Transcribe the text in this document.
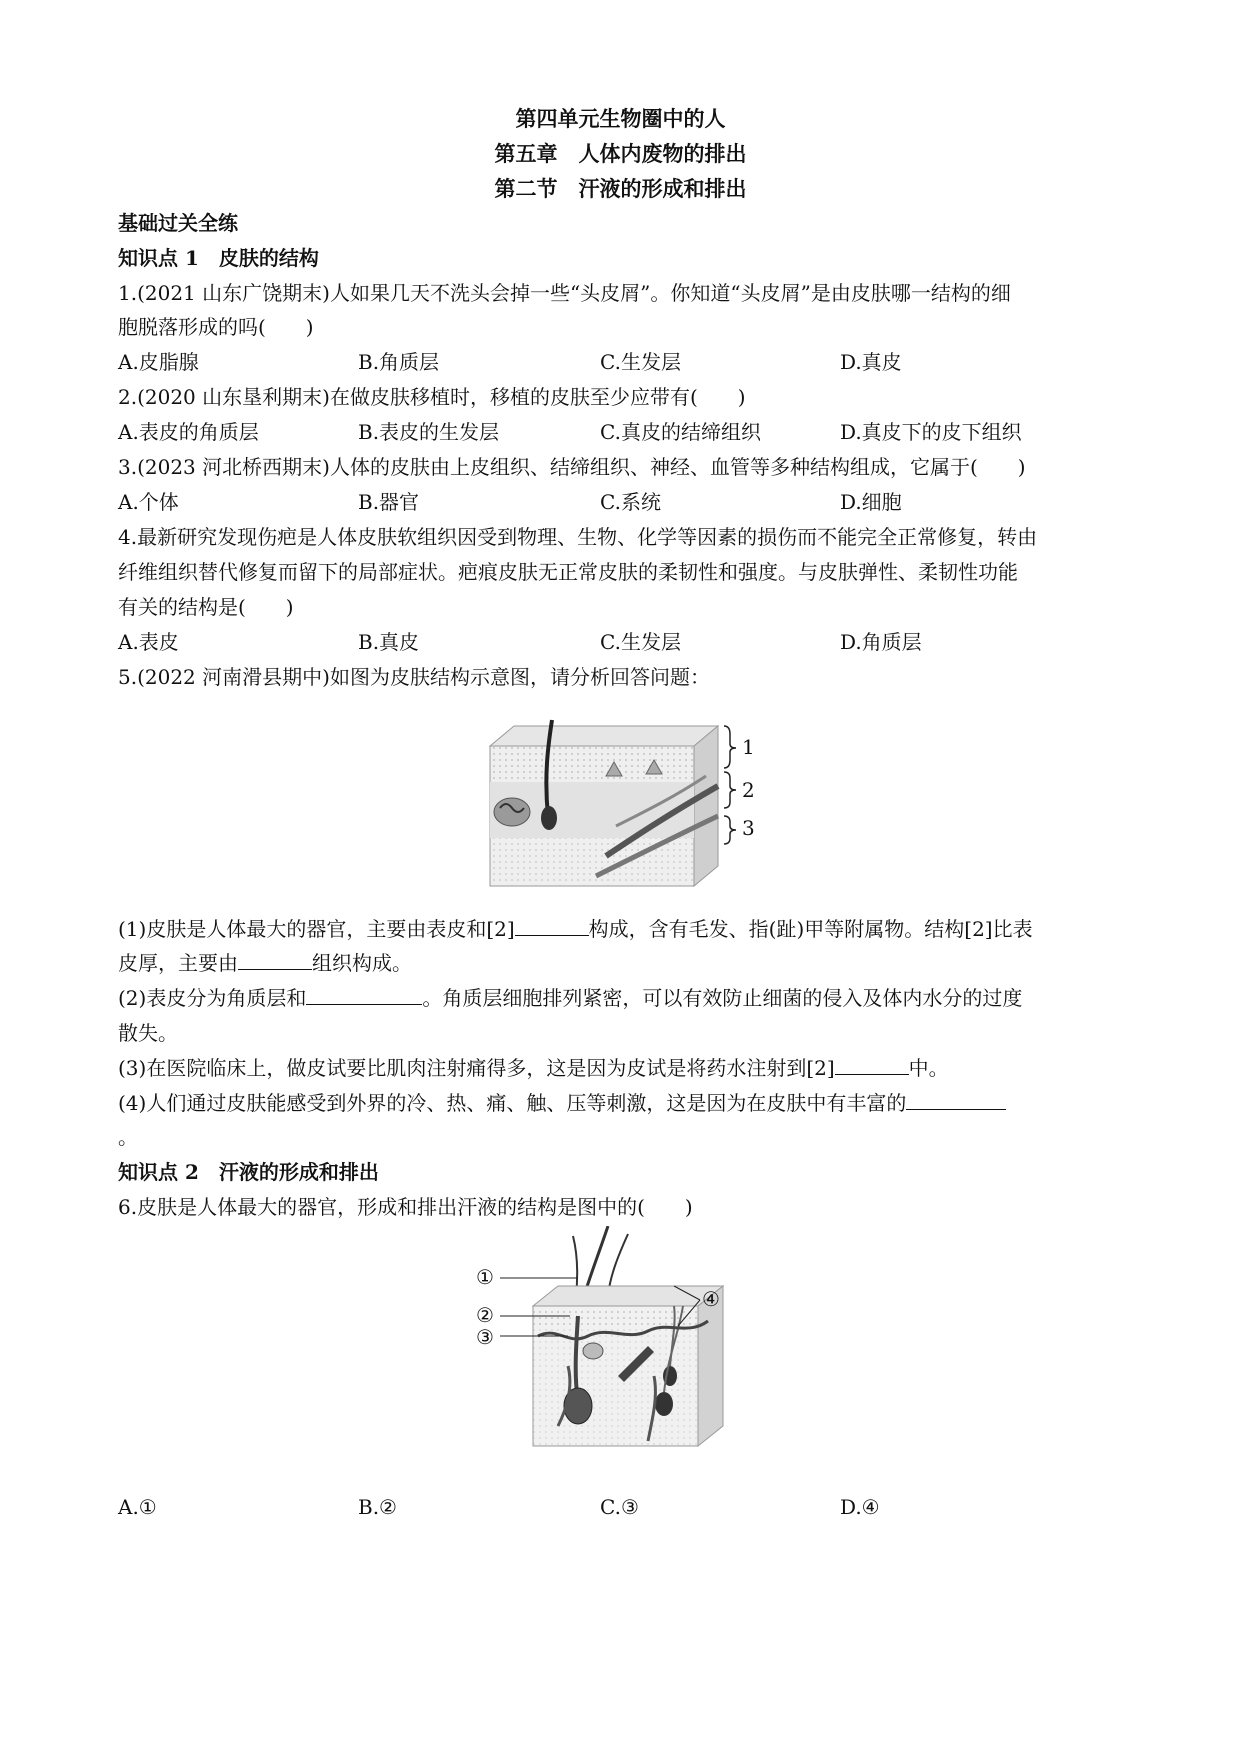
第四单元生物圈中的人
第五章　人体内废物的排出
第二节　汗液的形成和排出
基础过关全练
知识点 1　皮肤的结构
1.(2021 山东广饶期末)人如果几天不洗头会掉一些“头皮屑”。你知道“头皮屑”是由皮肤哪一结构的细
胞脱落形成的吗(　　)
A.皮脂腺	B.角质层	C.生发层	D.真皮
2.(2020 山东垦利期末)在做皮肤移植时，移植的皮肤至少应带有(　　)
A.表皮的角质层	B.表皮的生发层	C.真皮的结缔组织	D.真皮下的皮下组织
3.(2023 河北桥西期末)人体的皮肤由上皮组织、结缔组织、神经、血管等多种结构组成，它属于(　　)
A.个体	B.器官	C.系统	D.细胞
4.最新研究发现伤疤是人体皮肤软组织因受到物理、生物、化学等因素的损伤而不能完全正常修复，转由
纤维组织替代修复而留下的局部症状。疤痕皮肤无正常皮肤的柔韧性和强度。与皮肤弹性、柔韧性功能
有关的结构是(　　)
A.表皮	B.真皮	C.生发层	D.角质层
5.(2022 河南滑县期中)如图为皮肤结构示意图，请分析回答问题：
1
2
3
(1)皮肤是人体最大的器官，主要由表皮和[2]	构成，含有毛发、指(趾)甲等附属物。结构[2]比表
皮厚，主要由	组织构成。
(2)表皮分为角质层和	。角质层细胞排列紧密，可以有效防止细菌的侵入及体内水分的过度
散失。
(3)在医院临床上，做皮试要比肌肉注射痛得多，这是因为皮试是将药水注射到[2]	中。
(4)人们通过皮肤能感受到外界的冷、热、痛、触、压等刺激，这是因为在皮肤中有丰富的
。
知识点 2　汗液的形成和排出
6.皮肤是人体最大的器官，形成和排出汗液的结构是图中的(　　)
①
②
③
④
A.①	B.②	C.③	D.④
